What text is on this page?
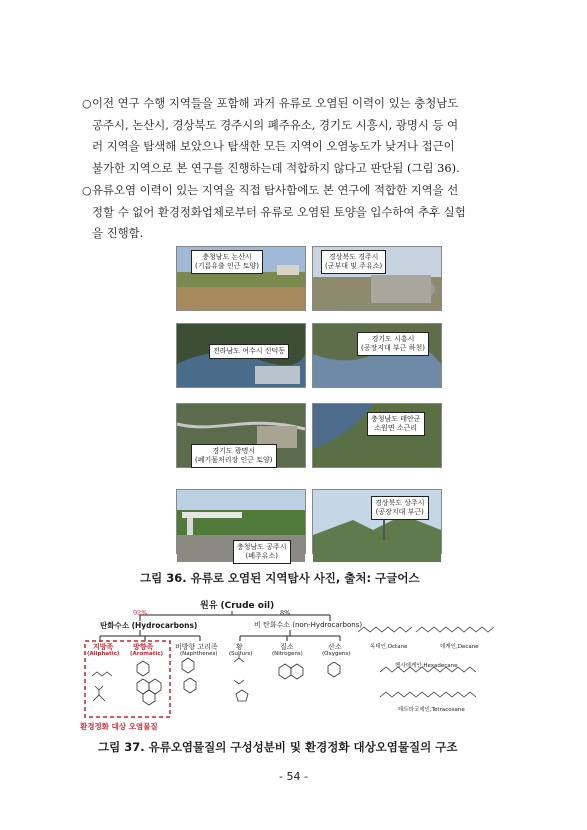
○ 이전 연구 수행 지역들을 포함해 과거 유류로 오염된 이력이 있는 충청남도

공주시, 논산시, 경상북도 경주시의 폐주유소, 경기도 시흥시, 광명시 등 여

러 지역을 탐색해 보았으나 탐색한 모든 지역이 오염농도가 낮거나 접근이

불가한 지역으로 본 연구를 진행하는데 적합하지 않다고 판단됨 (그림 36).

○ 유류오염 이력이 있는 지역을 직접 탐사함에도 본 연구에 적합한 지역을 선

정할 수 없어 환경정화업체로부터 유류로 오염된 토양을 입수하여 추후 실험

을 진행함.

충청남도 논산시
(기름유출 인근 토양)
경상북도 경주시
(군부대 및 주유소)
전라남도 여수시 신덕동
경기도 시흥시
(공장지대 부근 하천)
경기도 광명시
(폐기물처리장 인근 토양)
충청남도 태안군
소원면 소근리
충청남도 공주시
(폐주유소)
경상북도 상주시
(공장지대 부근)
그림 36. 유류로 오염된 지역탐사 사진, 출처: 구글어스
원유 (Crude oil)
92%	8%
탄화수소 (Hydrocarbons)	비 탄화수소 (non-Hydrocarbons)
지방족
(Aliphatic)
방향족
(Aromatic)
비방향 고리족
(Naphthenes)
황
(Sulfurs)
질소
(Nitrogens)
산소
(Oxygens)
환경정화 대상 오염물질
옥테인,Octane	데케인,Decane
헥사데케인,Hexadecane
테트라코세인,Tetracosane
그림 37. 유류오염물질의 구성성분비 및 환경정화 대상오염물질의 구조
- 54 -
